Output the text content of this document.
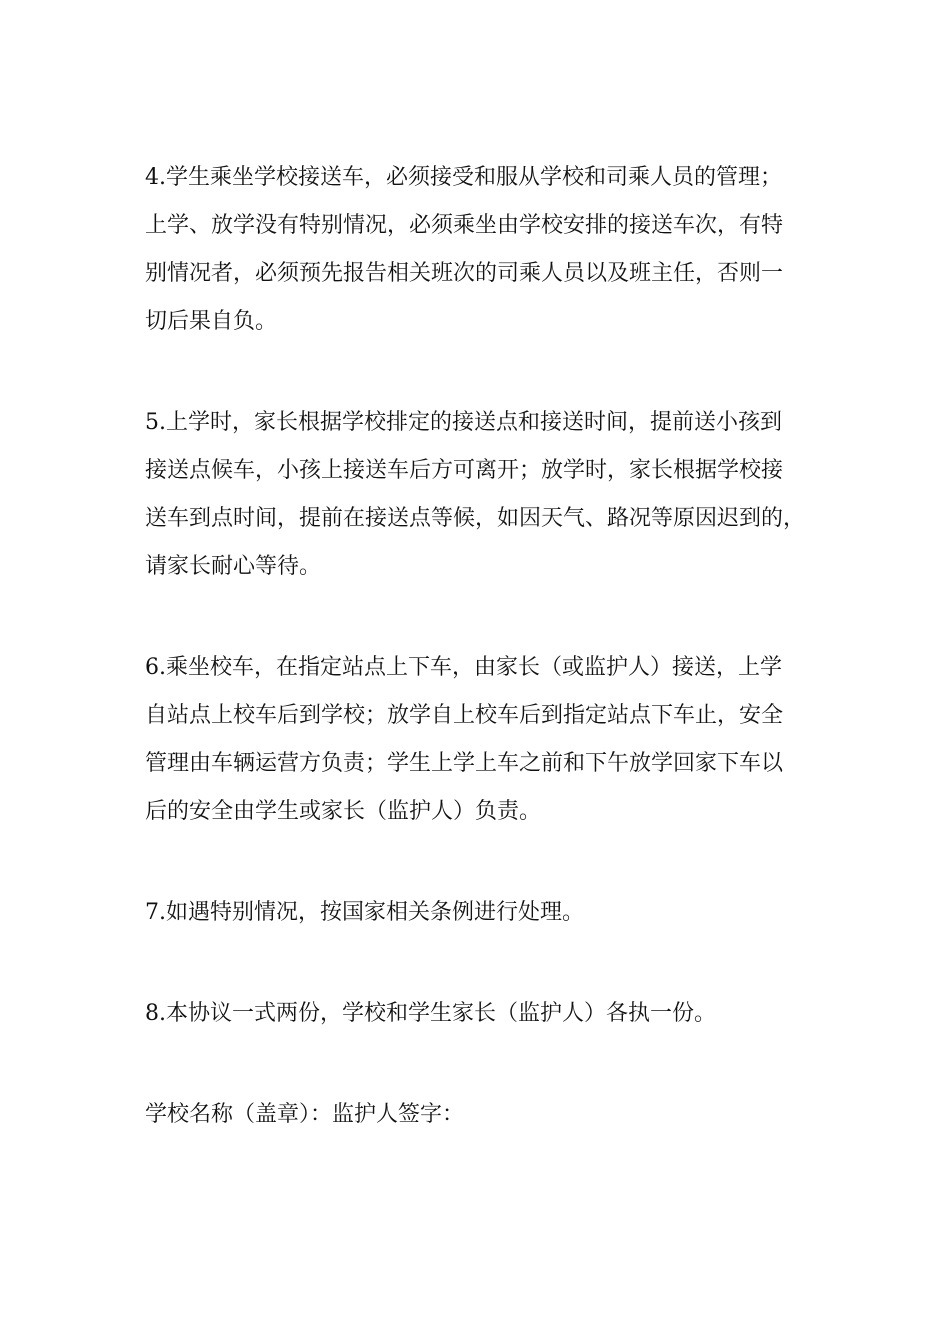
4.学生乘坐学校接送车，必须接受和服从学校和司乘人员的管理；
上学、放学没有特别情况，必须乘坐由学校安排的接送车次，有特
别情况者，必须预先报告相关班次的司乘人员以及班主任，否则一
切后果自负。
5.上学时，家长根据学校排定的接送点和接送时间，提前送小孩到
接送点候车，小孩上接送车后方可离开；放学时，家长根据学校接
送车到点时间，提前在接送点等候，如因天气、路况等原因迟到的，
请家长耐心等待。
6.乘坐校车，在指定站点上下车，由家长（或监护人）接送，上学
自站点上校车后到学校；放学自上校车后到指定站点下车止，安全
管理由车辆运营方负责；学生上学上车之前和下午放学回家下车以
后的安全由学生或家长（监护人）负责。
7.如遇特别情况，按国家相关条例进行处理。
8.本协议一式两份，学校和学生家长（监护人）各执一份。
学校名称（盖章）：监护人签字：
